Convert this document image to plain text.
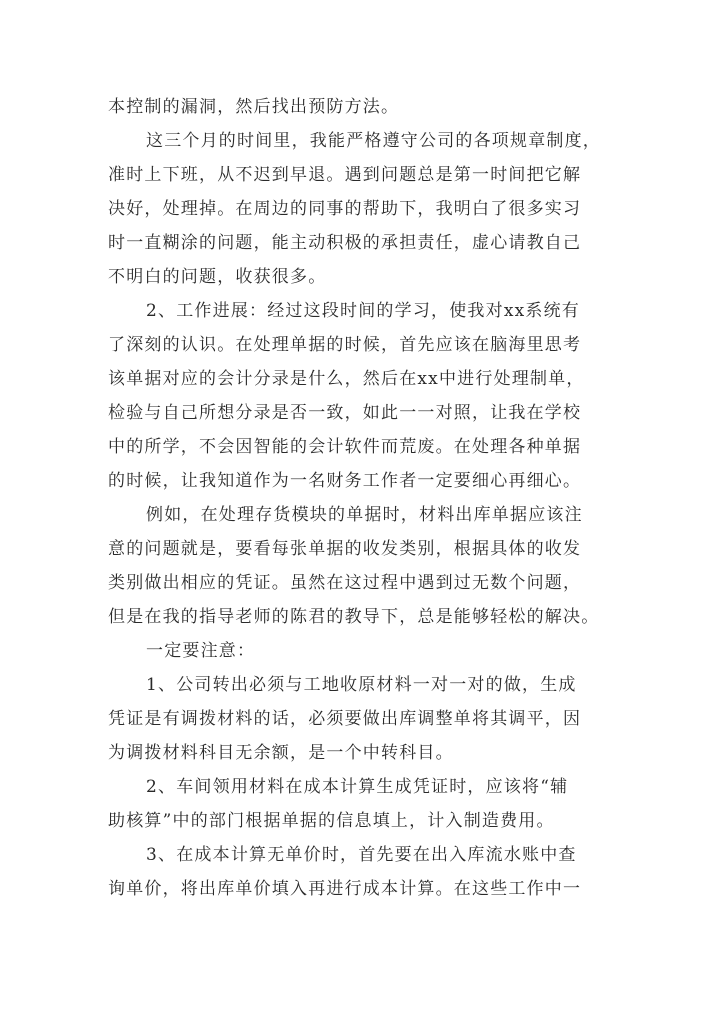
本控制的漏洞，然后找出预防方法。
这三个月的时间里，我能严格遵守公司的各项规章制度，
准时上下班，从不迟到早退。遇到问题总是第一时间把它解
决好，处理掉。在周边的同事的帮助下，我明白了很多实习
时一直糊涂的问题，能主动积极的承担责任，虚心请教自己
不明白的问题，收获很多。
2、工作进展：经过这段时间的学习，使我对xx系统有
了深刻的认识。在处理单据的时候，首先应该在脑海里思考
该单据对应的会计分录是什么，然后在xx中进行处理制单，
检验与自己所想分录是否一致，如此一一对照，让我在学校
中的所学，不会因智能的会计软件而荒废。在处理各种单据
的时候，让我知道作为一名财务工作者一定要细心再细心。
例如，在处理存货模块的单据时，材料出库单据应该注
意的问题就是，要看每张单据的收发类别，根据具体的收发
类别做出相应的凭证。虽然在这过程中遇到过无数个问题，
但是在我的指导老师的陈君的教导下，总是能够轻松的解决。
一定要注意：
1、公司转出必须与工地收原材料一对一对的做，生成
凭证是有调拨材料的话，必须要做出库调整单将其调平，因
为调拨材料科目无余额，是一个中转科目。
2、车间领用材料在成本计算生成凭证时，应该将“辅
助核算”中的部门根据单据的信息填上，计入制造费用。
3、在成本计算无单价时，首先要在出入库流水账中查
询单价，将出库单价填入再进行成本计算。在这些工作中一
